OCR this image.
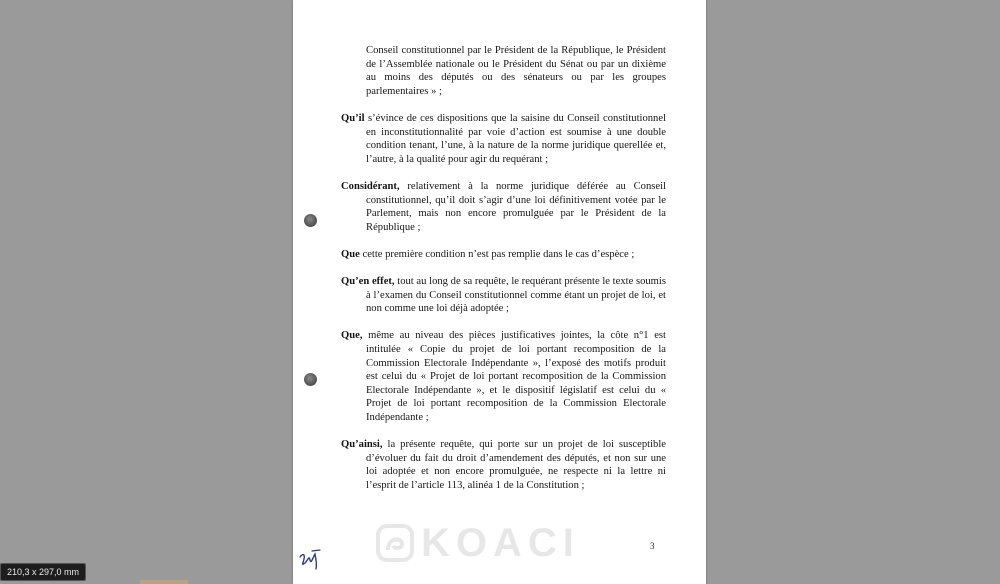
Conseil constitutionnel par le Président de la République, le Président de l’Assemblée nationale ou le Président du Sénat ou par un dixième au moins des députés ou des sénateurs ou par les groupes parlementaires » ;

Qu’il s’évince de ces dispositions que la saisine du Conseil constitutionnel en inconstitutionnalité par voie d’action est soumise à une double condition tenant, l’une, à la nature de la norme juridique querellée et, l’autre, à la qualité pour agir du requérant ;

Considérant, relativement à la norme juridique déférée au Conseil constitutionnel, qu’il doit s’agir d’une loi définitivement votée par le Parlement, mais non encore promulguée par le Président de la République ;

Que cette première condition n’est pas remplie dans le cas d’espèce ;

Qu’en effet, tout au long de sa requête, le requérant présente le texte soumis à l’examen du Conseil constitutionnel comme étant un projet de loi, et non comme une loi déjà adoptée ;

Que, même au niveau des pièces justificatives jointes, la côte n°1 est intitulée « Copie du projet de loi portant recomposition de la Commission Electorale Indépendante », l’exposé des motifs produit est celui du « Projet de loi portant recomposition de la Commission Electorale Indépendante », et le dispositif législatif est celui du « Projet de loi portant recomposition de la Commission Electorale Indépendante ;

Qu’ainsi, la présente requête, qui porte sur un projet de loi susceptible d’évoluer du fait du droit d’amendement des députés, et non sur une loi adoptée et non encore promulguée, ne respecte ni la lettre ni l’esprit de l’article 113, alinéa 1 de la Constitution ;

KOACI	3
210,3 x 297,0 mm
